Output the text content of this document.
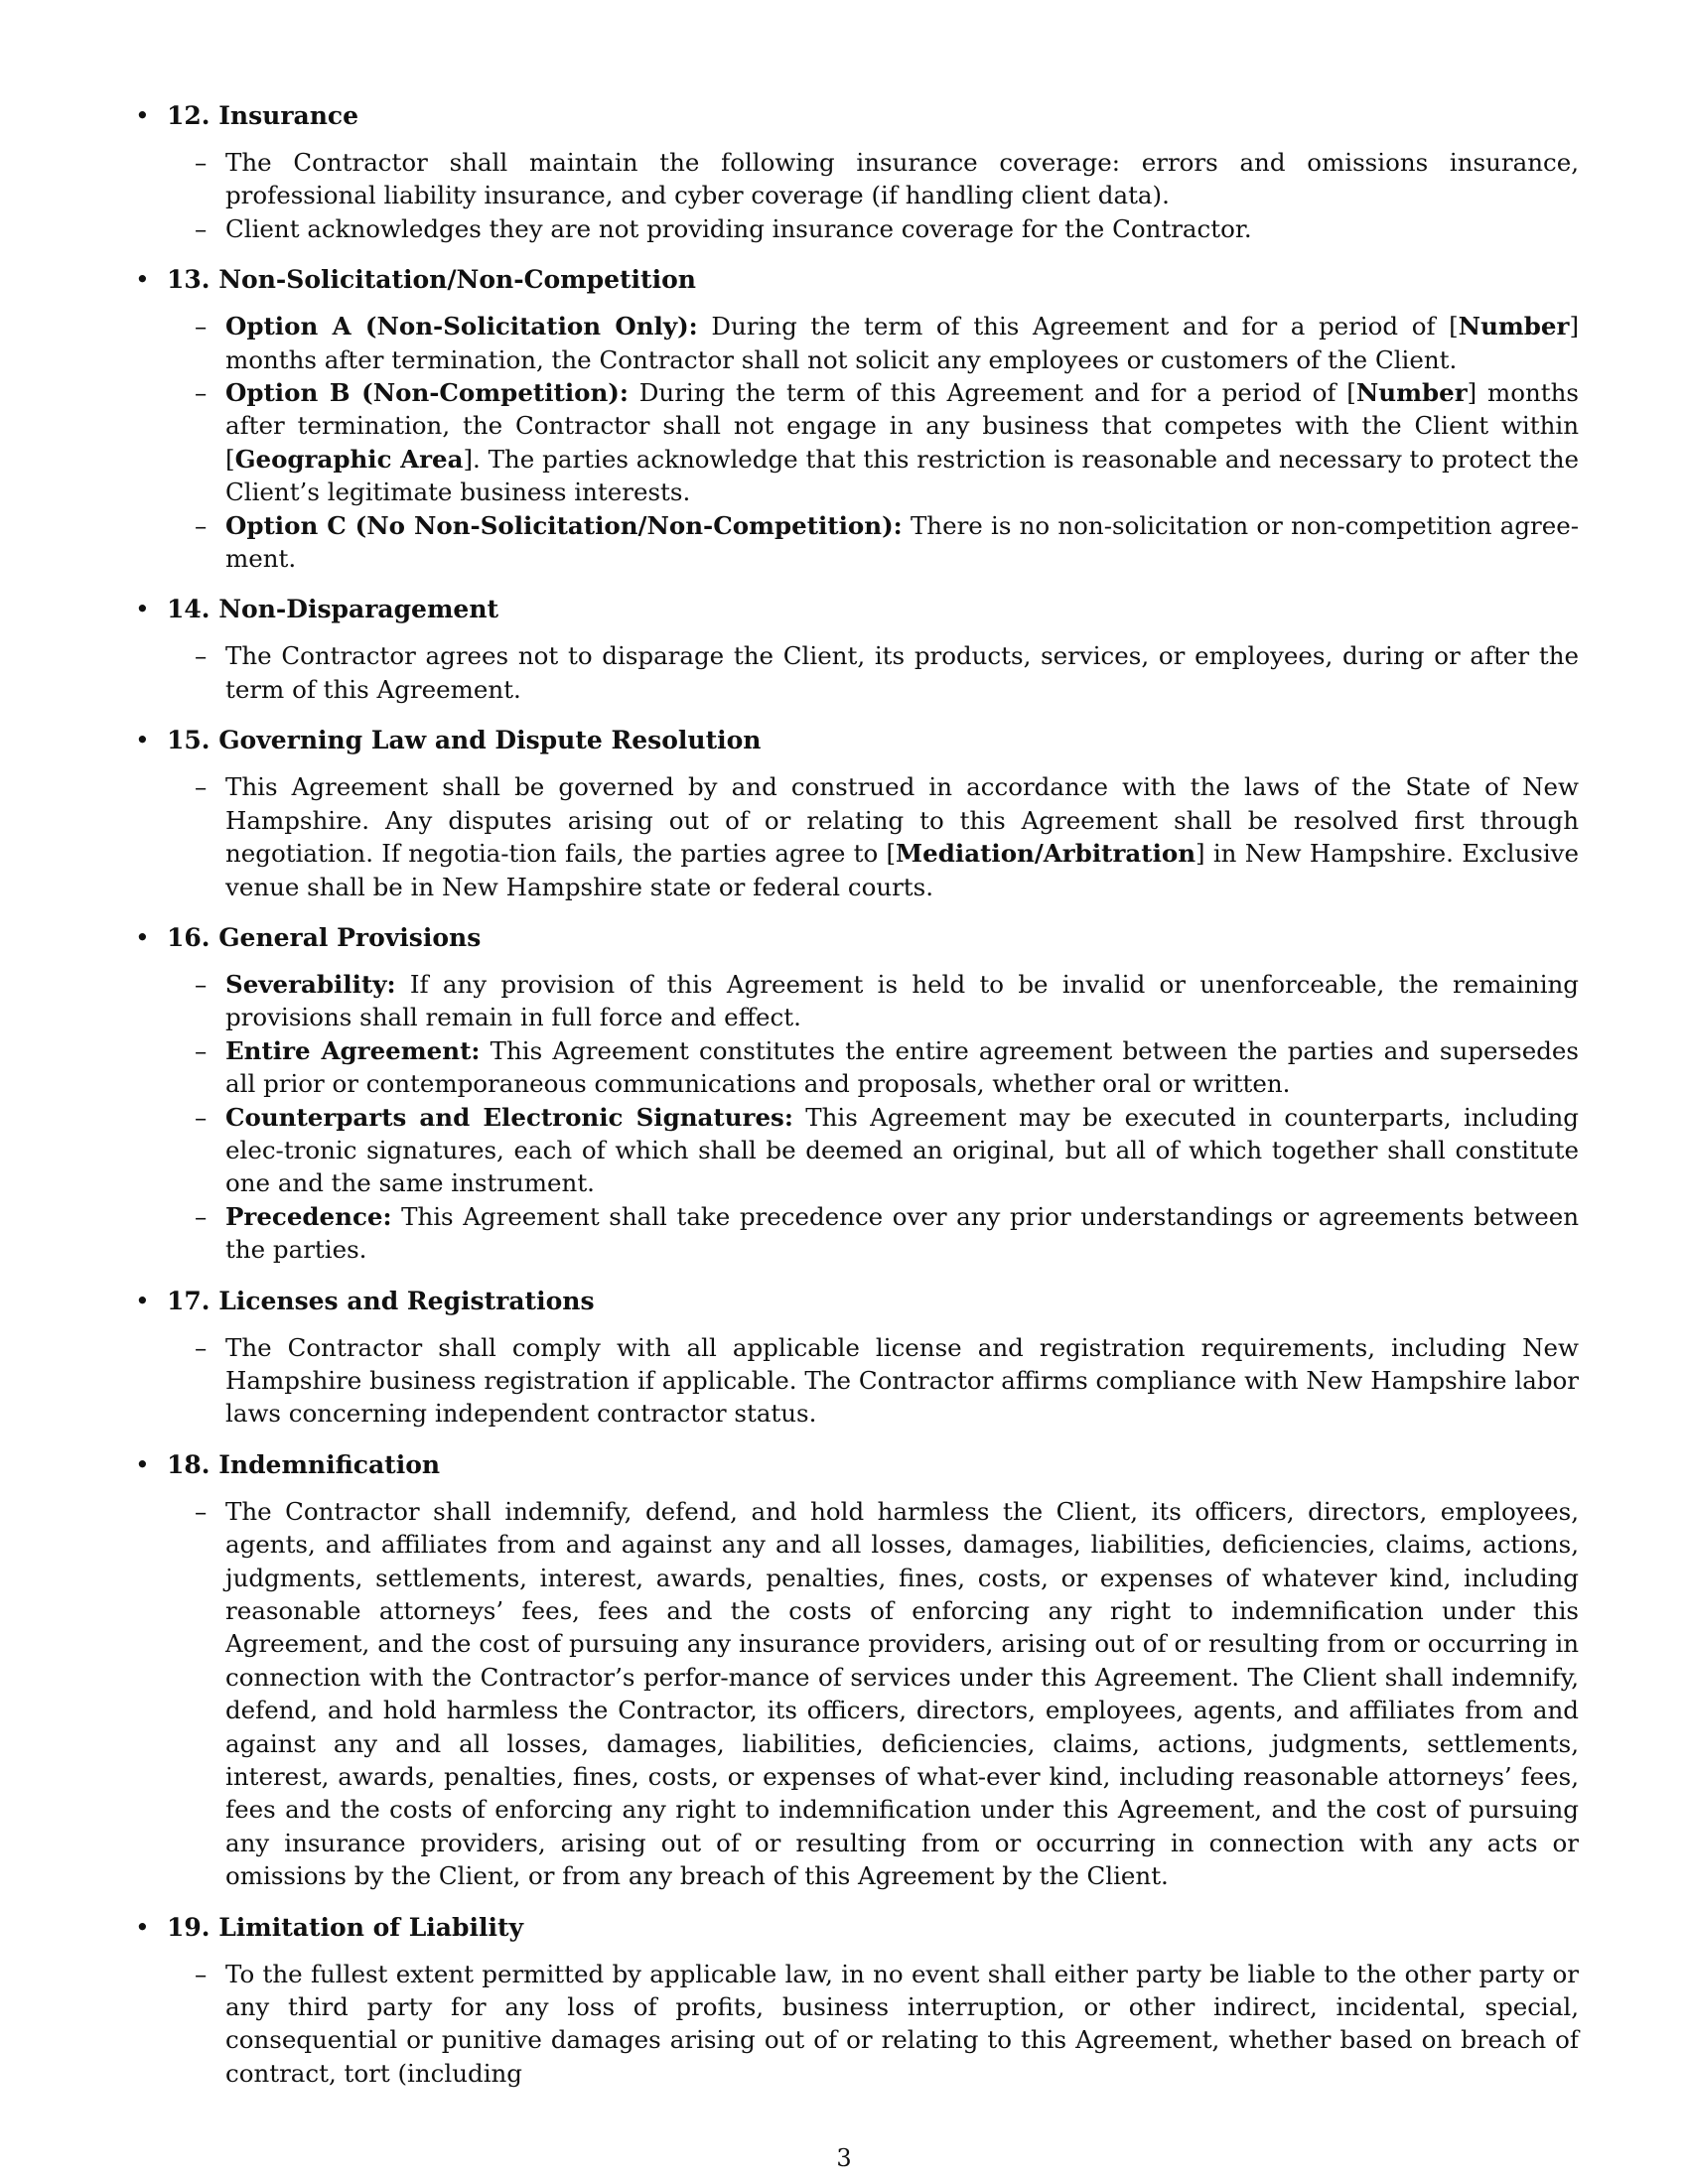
• 12. Insurance
– The Contractor shall maintain the following insurance coverage: errors and omissions insurance, professional liability insurance, and cyber coverage (if handling client data).
– Client acknowledges they are not providing insurance coverage for the Contractor.
• 13. Non-Solicitation/Non-Competition
– Option A (Non-Solicitation Only): During the term of this Agreement and for a period of [Number] months after termination, the Contractor shall not solicit any employees or customers of the Client.
– Option B (Non-Competition): During the term of this Agreement and for a period of [Number] months after termination, the Contractor shall not engage in any business that competes with the Client within [Geographic Area]. The parties acknowledge that this restriction is reasonable and necessary to protect the Client’s legitimate business interests.
– Option C (No Non-Solicitation/Non-Competition): There is no non-solicitation or non-competition agree-ment.
• 14. Non-Disparagement
– The Contractor agrees not to disparage the Client, its products, services, or employees, during or after the term of this Agreement.
• 15. Governing Law and Dispute Resolution
– This Agreement shall be governed by and construed in accordance with the laws of the State of New Hampshire. Any disputes arising out of or relating to this Agreement shall be resolved first through negotiation. If negotia-tion fails, the parties agree to [Mediation/Arbitration] in New Hampshire. Exclusive venue shall be in New Hampshire state or federal courts.
• 16. General Provisions
– Severability: If any provision of this Agreement is held to be invalid or unenforceable, the remaining provisions shall remain in full force and effect.
– Entire Agreement: This Agreement constitutes the entire agreement between the parties and supersedes all prior or contemporaneous communications and proposals, whether oral or written.
– Counterparts and Electronic Signatures: This Agreement may be executed in counterparts, including elec-tronic signatures, each of which shall be deemed an original, but all of which together shall constitute one and the same instrument.
– Precedence: This Agreement shall take precedence over any prior understandings or agreements between the parties.
• 17. Licenses and Registrations
– The Contractor shall comply with all applicable license and registration requirements, including New Hampshire business registration if applicable. The Contractor affirms compliance with New Hampshire labor laws concerning independent contractor status.
• 18. Indemnification
– The Contractor shall indemnify, defend, and hold harmless the Client, its officers, directors, employees, agents, and affiliates from and against any and all losses, damages, liabilities, deficiencies, claims, actions, judgments, settlements, interest, awards, penalties, fines, costs, or expenses of whatever kind, including reasonable attorneys’ fees, fees and the costs of enforcing any right to indemnification under this Agreement, and the cost of pursuing any insurance providers, arising out of or resulting from or occurring in connection with the Contractor’s perfor-mance of services under this Agreement. The Client shall indemnify, defend, and hold harmless the Contractor, its officers, directors, employees, agents, and affiliates from and against any and all losses, damages, liabilities, deficiencies, claims, actions, judgments, settlements, interest, awards, penalties, fines, costs, or expenses of what-ever kind, including reasonable attorneys’ fees, fees and the costs of enforcing any right to indemnification under this Agreement, and the cost of pursuing any insurance providers, arising out of or resulting from or occurring in connection with any acts or omissions by the Client, or from any breach of this Agreement by the Client.
• 19. Limitation of Liability
– To the fullest extent permitted by applicable law, in no event shall either party be liable to the other party or any third party for any loss of profits, business interruption, or other indirect, incidental, special, consequential or punitive damages arising out of or relating to this Agreement, whether based on breach of contract, tort (including
3
